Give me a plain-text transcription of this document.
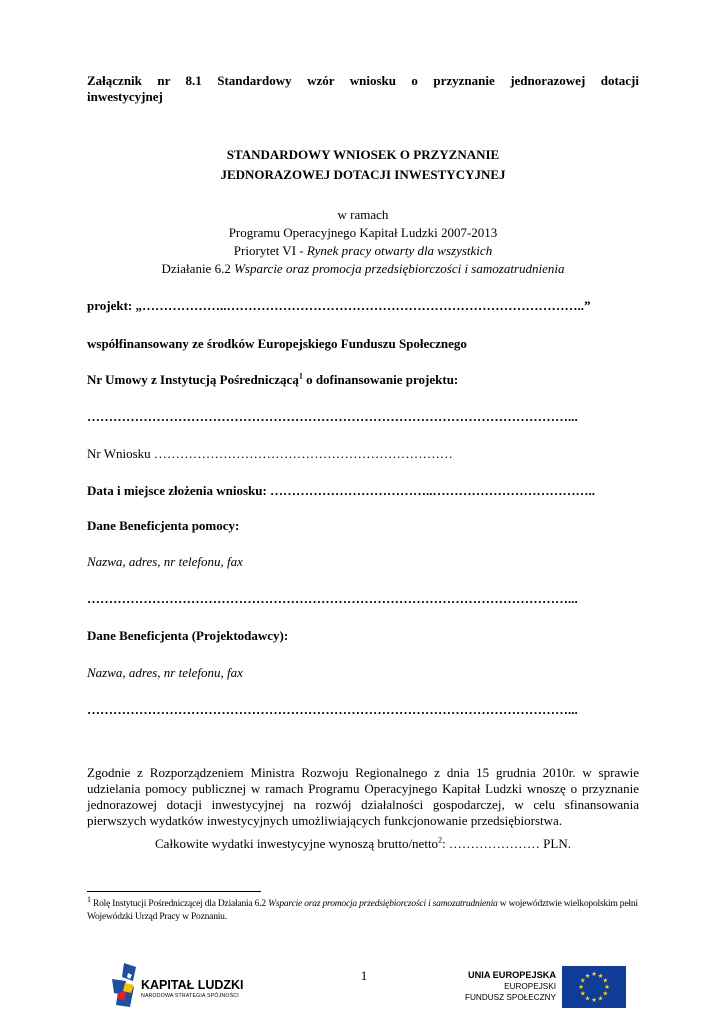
Załącznik nr 8.1 Standardowy wzór wniosku o przyznanie jednorazowej dotacji
inwestycyjnej
STANDARDOWY WNIOSEK O PRZYZNANIE
JEDNORAZOWEJ DOTACJI INWESTYCYJNEJ
w ramach
Programu Operacyjnego Kapitał Ludzki 2007-2013
Priorytet VI - Rynek pracy otwarty dla wszystkich
Działanie 6.2 Wsparcie oraz promocja przedsiębiorczości i samozatrudnienia
projekt: „………………..………………………………………………………………………..”
współfinansowany ze środków Europejskiego Funduszu Społecznego
Nr Umowy z Instytucją Pośredniczącą$^1$ o dofinansowanie projektu:
…………………………………………………………………………………………………...
Nr Wniosku ……………………………………………………………
Data i miejsce złożenia wniosku: ………………………………..………………………………..
Dane Beneficjenta pomocy:
Nazwa, adres, nr telefonu, fax
…………………………………………………………………………………………………...
Dane Beneficjenta (Projektodawcy):
Nazwa, adres, nr telefonu, fax
…………………………………………………………………………………………………...
Zgodnie z Rozporządzeniem Ministra Rozwoju Regionalnego z dnia 15 grudnia 2010r. w sprawie udzielania pomocy publicznej w ramach Programu Operacyjnego Kapitał Ludzki wnoszę o przyznanie jednorazowej dotacji inwestycyjnej na rozwój działalności gospodarczej, w celu sfinansowania pierwszych wydatków inwestycyjnych umożliwiających funkcjonowanie przedsiębiorstwa.
Całkowite wydatki inwestycyjne wynoszą brutto/netto$^2$: ………………… PLN.
$^1$ Rolę Instytucji Pośredniczącej dla Działania 6.2 Wsparcie oraz promocja przedsiębiorczości i samozatrudnienia w województwie wielkopolskim pełni Wojewódzki Urząd Pracy w Poznaniu.
1
KAPITAŁ LUDZKI
NARODOWA STRATEGIA SPÓJNOŚCI
UNIA EUROPEJSKA
EUROPEJSKI
FUNDUSZ SPOŁECZNY
★ ★
★
★
★
★
★
★
★
★
★
★
